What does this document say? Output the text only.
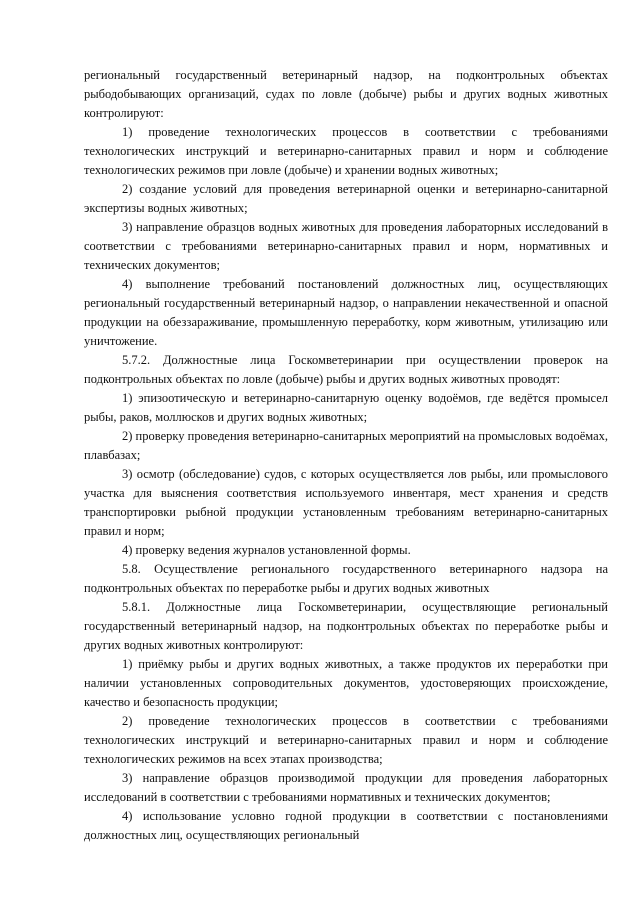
региональный государственный ветеринарный надзор, на подконтрольных объектах рыбодобывающих организаций, судах по ловле (добыче) рыбы и других водных животных контролируют:

1) проведение технологических процессов в соответствии с требованиями технологических инструкций и ветеринарно-санитарных правил и норм и соблюдение технологических режимов при ловле (добыче) и хранении водных животных;

2) создание условий для проведения ветеринарной оценки и ветеринарно-санитарной экспертизы водных животных;

3) направление образцов водных животных для проведения лабораторных исследований в соответствии с требованиями ветеринарно-санитарных правил и норм, нормативных и технических документов;

4) выполнение требований постановлений должностных лиц, осуществляющих региональный государственный ветеринарный надзор, о направлении некачественной и опасной продукции на обеззараживание, промышленную переработку, корм животным, утилизацию или уничтожение.

5.7.2. Должностные лица Госкомветеринарии при осуществлении проверок на подконтрольных объектах по ловле (добыче) рыбы и других водных животных проводят:

1) эпизоотическую и ветеринарно-санитарную оценку водоёмов, где ведётся промысел рыбы, раков, моллюсков и других водных животных;

2) проверку проведения ветеринарно-санитарных мероприятий на промысловых водоёмах, плавбазах;

3) осмотр (обследование) судов, с которых осуществляется лов рыбы, или промыслового участка для выяснения соответствия используемого инвентаря, мест хранения и средств транспортировки рыбной продукции установленным требованиям ветеринарно-санитарных правил и норм;

4) проверку ведения журналов установленной формы.

5.8. Осуществление регионального государственного ветеринарного надзора на подконтрольных объектах по переработке рыбы и других водных животных

5.8.1. Должностные лица Госкомветеринарии, осуществляющие региональный государственный ветеринарный надзор, на подконтрольных объектах по переработке рыбы и других водных животных контролируют:

1) приёмку рыбы и других водных животных, а также продуктов их переработки при наличии установленных сопроводительных документов, удостоверяющих происхождение, качество и безопасность продукции;

2) проведение технологических процессов в соответствии с требованиями технологических инструкций и ветеринарно-санитарных правил и норм и соблюдение технологических режимов на всех этапах производства;

3) направление образцов производимой продукции для проведения лабораторных исследований в соответствии с требованиями нормативных и технических документов;

4) использование условно годной продукции в соответствии с постановлениями должностных лиц, осуществляющих региональный
